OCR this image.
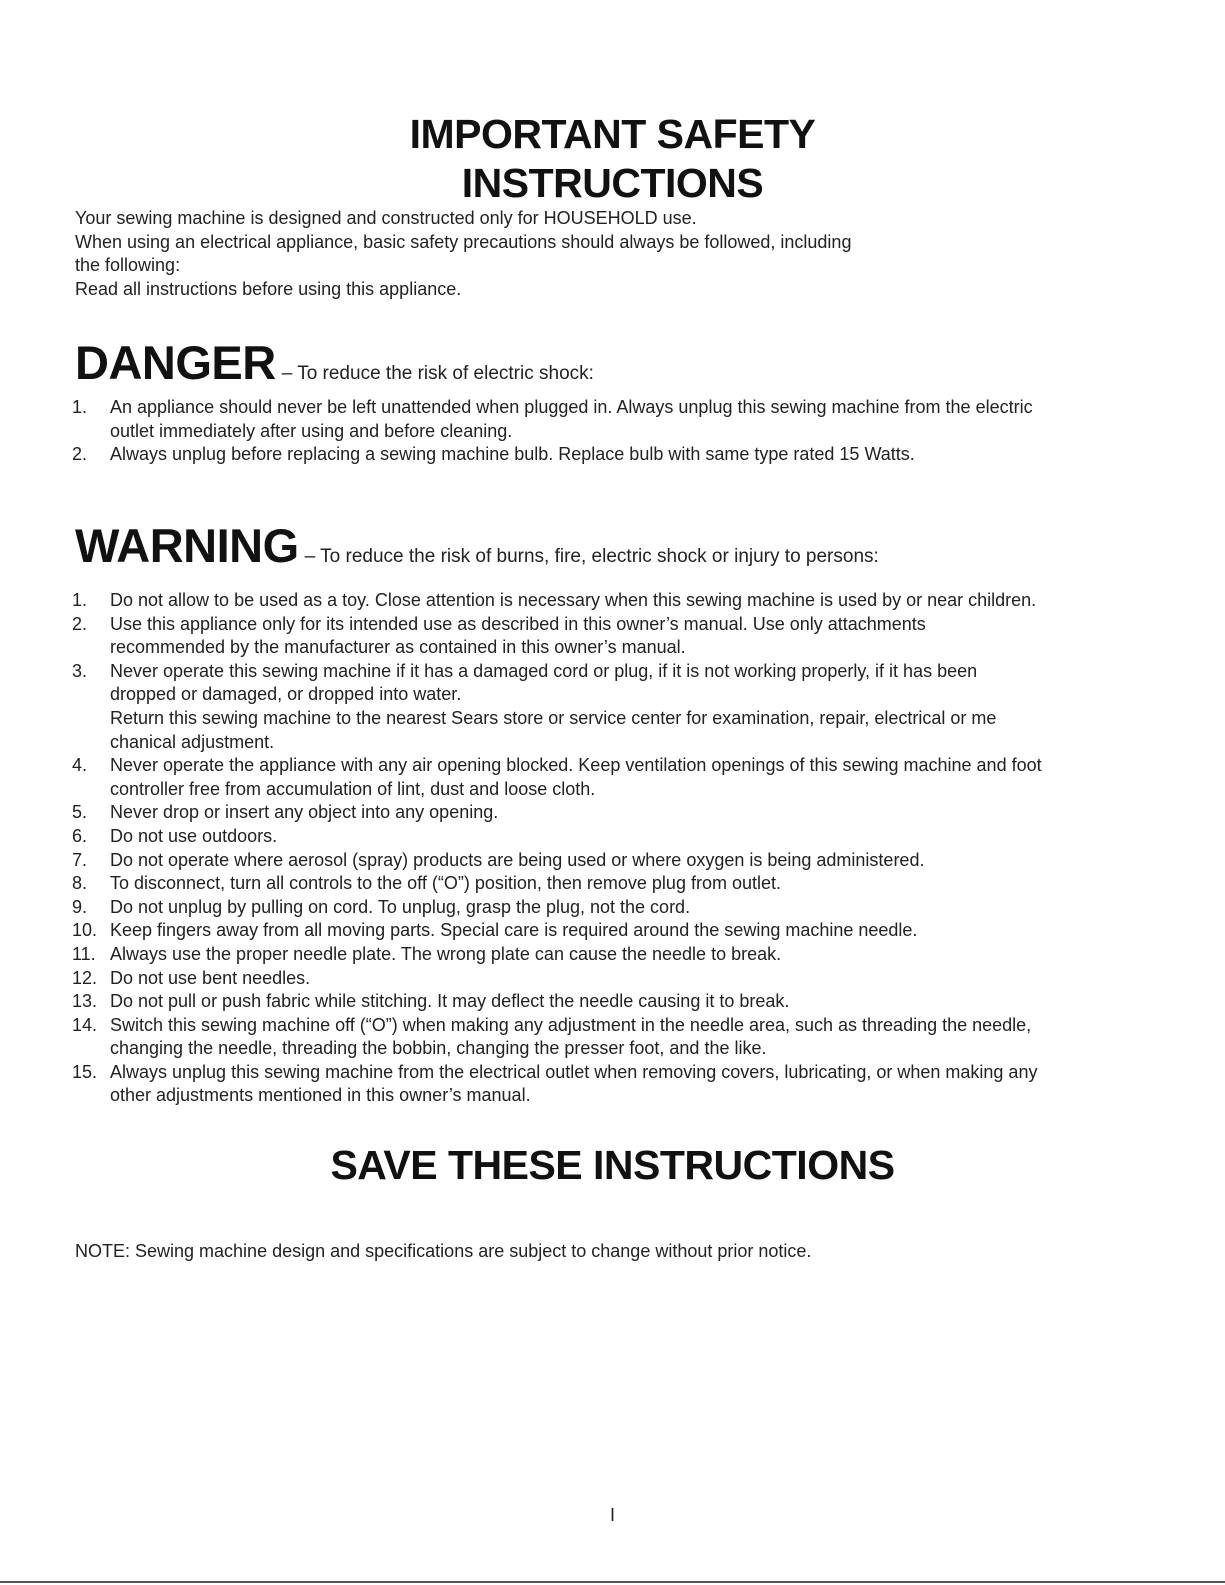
IMPORTANT SAFETY
INSTRUCTIONS
Your sewing machine is designed and constructed only for HOUSEHOLD use.
When using an electrical appliance, basic safety precautions should always be followed, including
the following:
Read all instructions before using this appliance.
DANGER – To reduce the risk of electric shock:
1.	An appliance should never be left unattended when plugged in. Always unplug this sewing machine from the electric
outlet immediately after using and before cleaning.
2.	Always unplug before replacing a sewing machine bulb. Replace bulb with same type rated 15 Watts.
WARNING – To reduce the risk of burns, fire, electric shock or injury to persons:
1.	Do not allow to be used as a toy. Close attention is necessary when this sewing machine is used by or near children.
2.	Use this appliance only for its intended use as described in this owner’s manual. Use only attachments
recommended by the manufacturer as contained in this owner’s manual.
3.	Never operate this sewing machine if it has a damaged cord or plug, if it is not working properly, if it has been
dropped or damaged, or dropped into water.
Return this sewing machine to the nearest Sears store or service center for examination, repair, electrical or me
chanical adjustment.
4.	Never operate the appliance with any air opening blocked. Keep ventilation openings of this sewing machine and foot
controller free from accumulation of lint, dust and loose cloth.
5.	Never drop or insert any object into any opening.
6.	Do not use outdoors.
7.	Do not operate where aerosol (spray) products are being used or where oxygen is being administered.
8.	To disconnect, turn all controls to the off (“O”) position, then remove plug from outlet.
9.	Do not unplug by pulling on cord. To unplug, grasp the plug, not the cord.
10. Keep fingers away from all moving parts. Special care is required around the sewing machine needle.
11. Always use the proper needle plate. The wrong plate can cause the needle to break.
12. Do not use bent needles.
13. Do not pull or push fabric while stitching. It may deflect the needle causing it to break.
14. Switch this sewing machine off (“O”) when making any adjustment in the needle area, such as threading the needle,
changing the needle, threading the bobbin, changing the presser foot, and the like.
15. Always unplug this sewing machine from the electrical outlet when removing covers, lubricating, or when making any
other adjustments mentioned in this owner’s manual.
SAVE THESE INSTRUCTIONS
NOTE: Sewing machine design and specifications are subject to change without prior notice.
I
